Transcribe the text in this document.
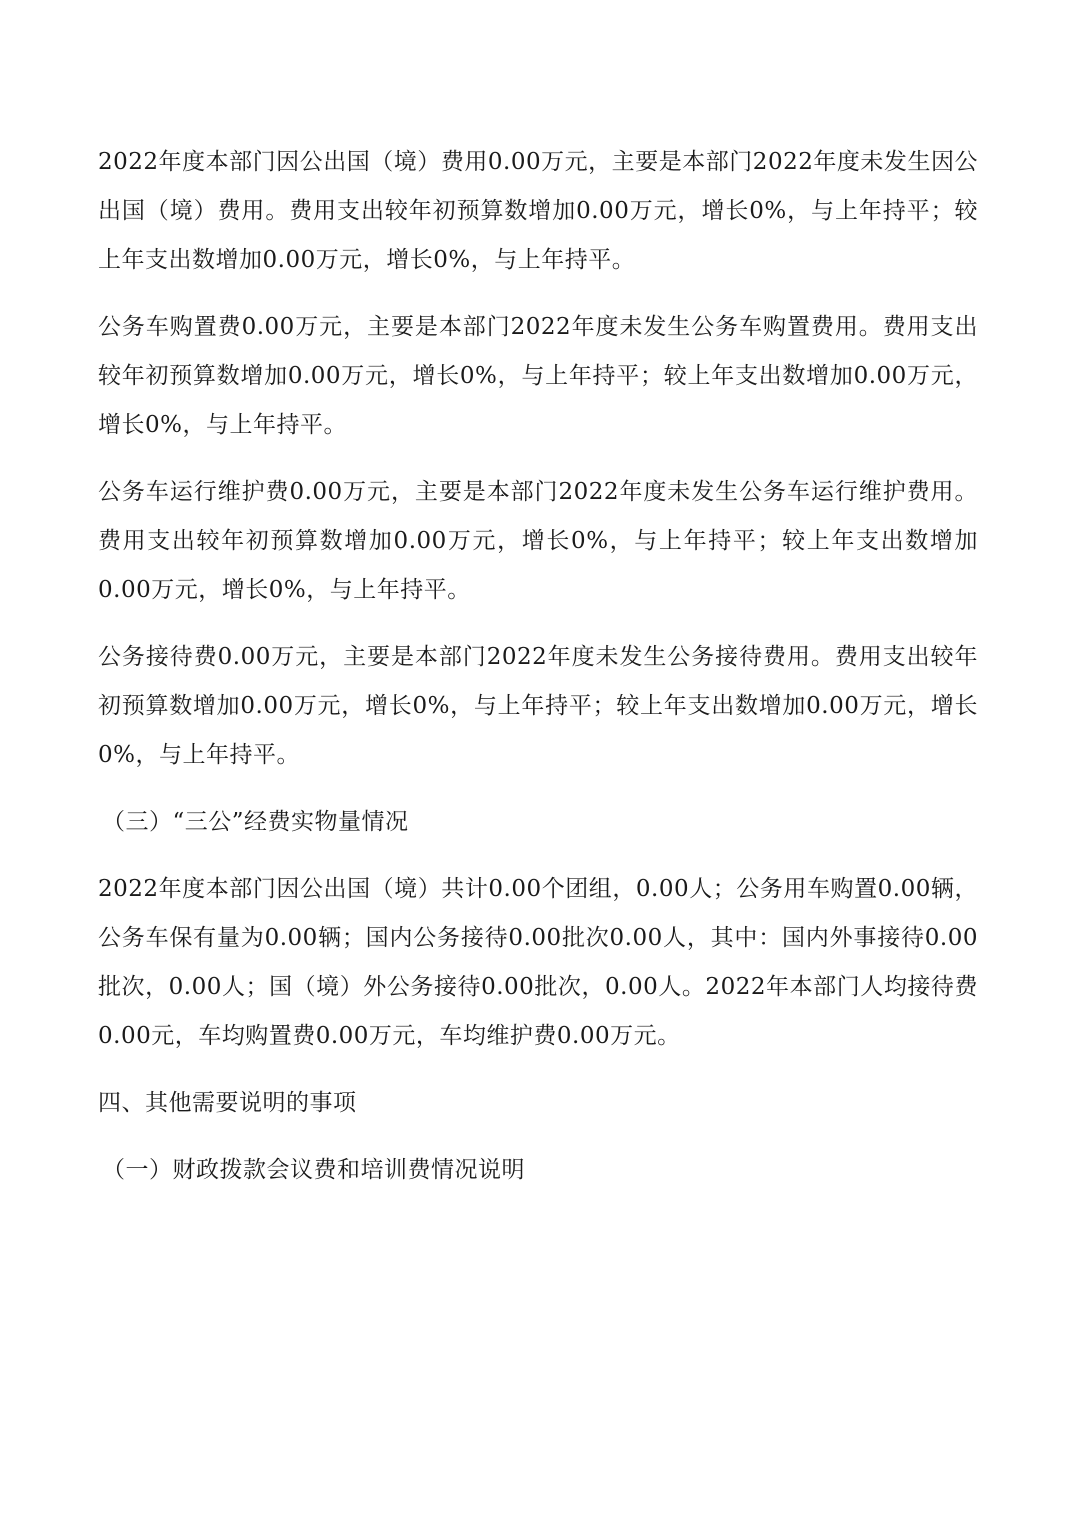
2022年度本部门因公出国（境）费用0.00万元，主要是本部门2022年度未发生因公出国（境）费用。费用支出较年初预算数增加0.00万元，增长0%，与上年持平；较上年支出数增加0.00万元，增长0%，与上年持平。

公务车购置费0.00万元，主要是本部门2022年度未发生公务车购置费用。费用支出较年初预算数增加0.00万元，增长0%，与上年持平；较上年支出数增加0.00万元，增长0%，与上年持平。

公务车运行维护费0.00万元，主要是本部门2022年度未发生公务车运行维护费用。费用支出较年初预算数增加0.00万元，增长0%，与上年持平；较上年支出数增加0.00万元，增长0%，与上年持平。

公务接待费0.00万元，主要是本部门2022年度未发生公务接待费用。费用支出较年初预算数增加0.00万元，增长0%，与上年持平；较上年支出数增加0.00万元，增长0%，与上年持平。

（三）“三公”经费实物量情况

2022年度本部门因公出国（境）共计0.00个团组，0.00人；公务用车购置0.00辆，公务车保有量为0.00辆；国内公务接待0.00批次0.00人，其中：国内外事接待0.00批次，0.00人；国（境）外公务接待0.00批次，0.00人。2022年本部门人均接待费0.00元，车均购置费0.00万元，车均维护费0.00万元。

四、其他需要说明的事项

（一）财政拨款会议费和培训费情况说明
